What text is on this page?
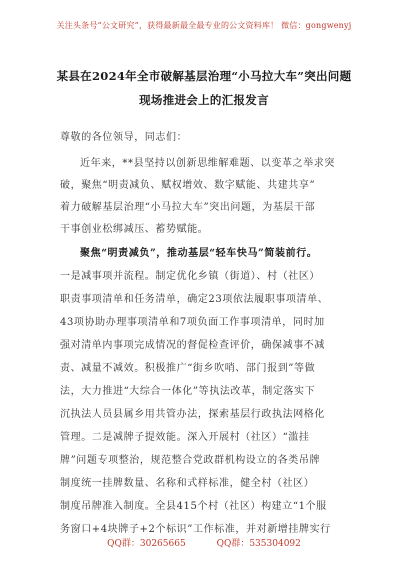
关注头条号“公文研究”，获得最新最全最专业的公文资料库！ 微信：gongwenyj
某县在2024年全市破解基层治理“小马拉大车”突出问题
现场推进会上的汇报发言
尊敬的各位领导，同志们：
近年来，**县坚持以创新思维解难题、以变革之举求突
破，聚焦“明责减负、赋权增效、数字赋能、共建共享”
着力破解基层治理“小马拉大车”突出问题，为基层干部
干事创业松绑减压、蓄势赋能。
聚焦“明责减负”，推动基层“轻车快马”简装前行。
一是减事项并流程。制定优化乡镇（街道）、村（社区）
职责事项清单和任务清单，确定23项依法履职事项清单、
43项协助办理事项清单和7项负面工作事项清单，同时加
强对清单内事项完成情况的督促检查评价，确保减事不减
责、减量不减效。积极推广“街乡吹哨、部门报到”等做
法，大力推进“大综合一体化”等执法改革，制定落实下
沉执法人员县属乡用共管办法，探索基层行政执法网格化
管理。二是减牌子提效能。深入开展村（社区）“滥挂
牌”问题专项整治，规范整合党政群机构设立的各类吊牌
制度统一挂牌数量、名称和式样标准，健全村（社区）
制度吊牌准入制度。全县415个村（社区）构建立“1个服
务窗口+4块牌子+2个标识”工作标准，并对新增挂牌实行
QQ群：30265665	QQ群：535304092
